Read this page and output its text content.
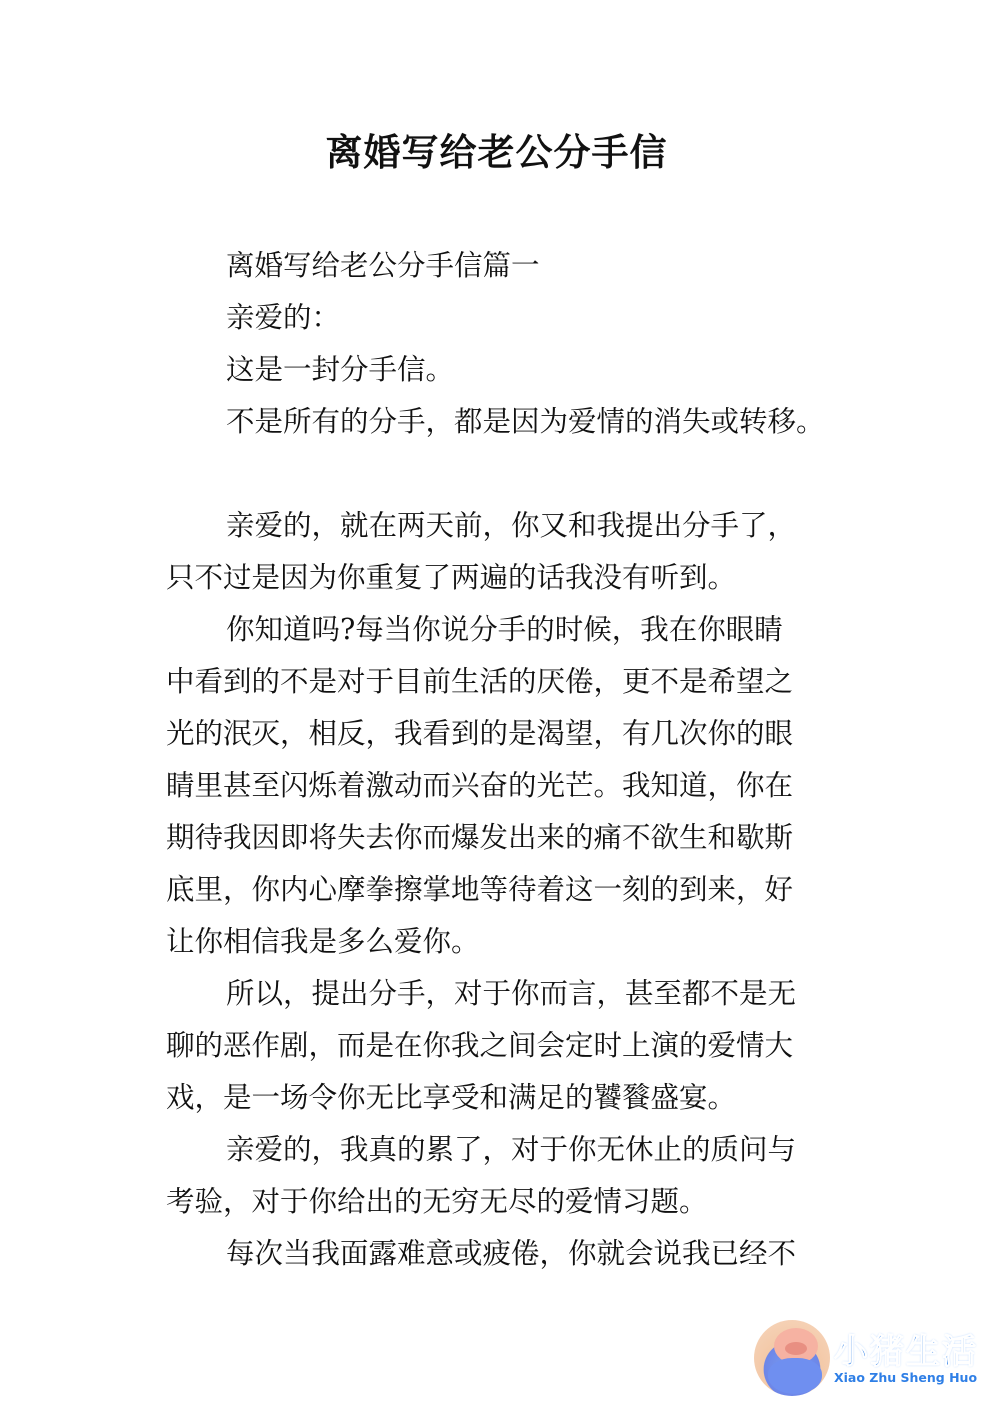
离婚写给老公分手信
离婚写给老公分手信篇一
亲爱的：
这是一封分手信。
不是所有的分手，都是因为爱情的消失或转移。
亲爱的，就在两天前，你又和我提出分手了，
只不过是因为你重复了两遍的话我没有听到。
你知道吗?每当你说分手的时候，我在你眼睛
中看到的不是对于目前生活的厌倦，更不是希望之
光的泯灭，相反，我看到的是渴望，有几次你的眼
睛里甚至闪烁着激动而兴奋的光芒。我知道，你在
期待我因即将失去你而爆发出来的痛不欲生和歇斯
底里，你内心摩拳擦掌地等待着这一刻的到来，好
让你相信我是多么爱你。
所以，提出分手，对于你而言，甚至都不是无
聊的恶作剧，而是在你我之间会定时上演的爱情大
戏，是一场令你无比享受和满足的饕餮盛宴。
亲爱的，我真的累了，对于你无休止的质问与
考验，对于你给出的无穷无尽的爱情习题。
每次当我面露难意或疲倦，你就会说我已经不
小猪生活
Xiao Zhu Sheng Huo
